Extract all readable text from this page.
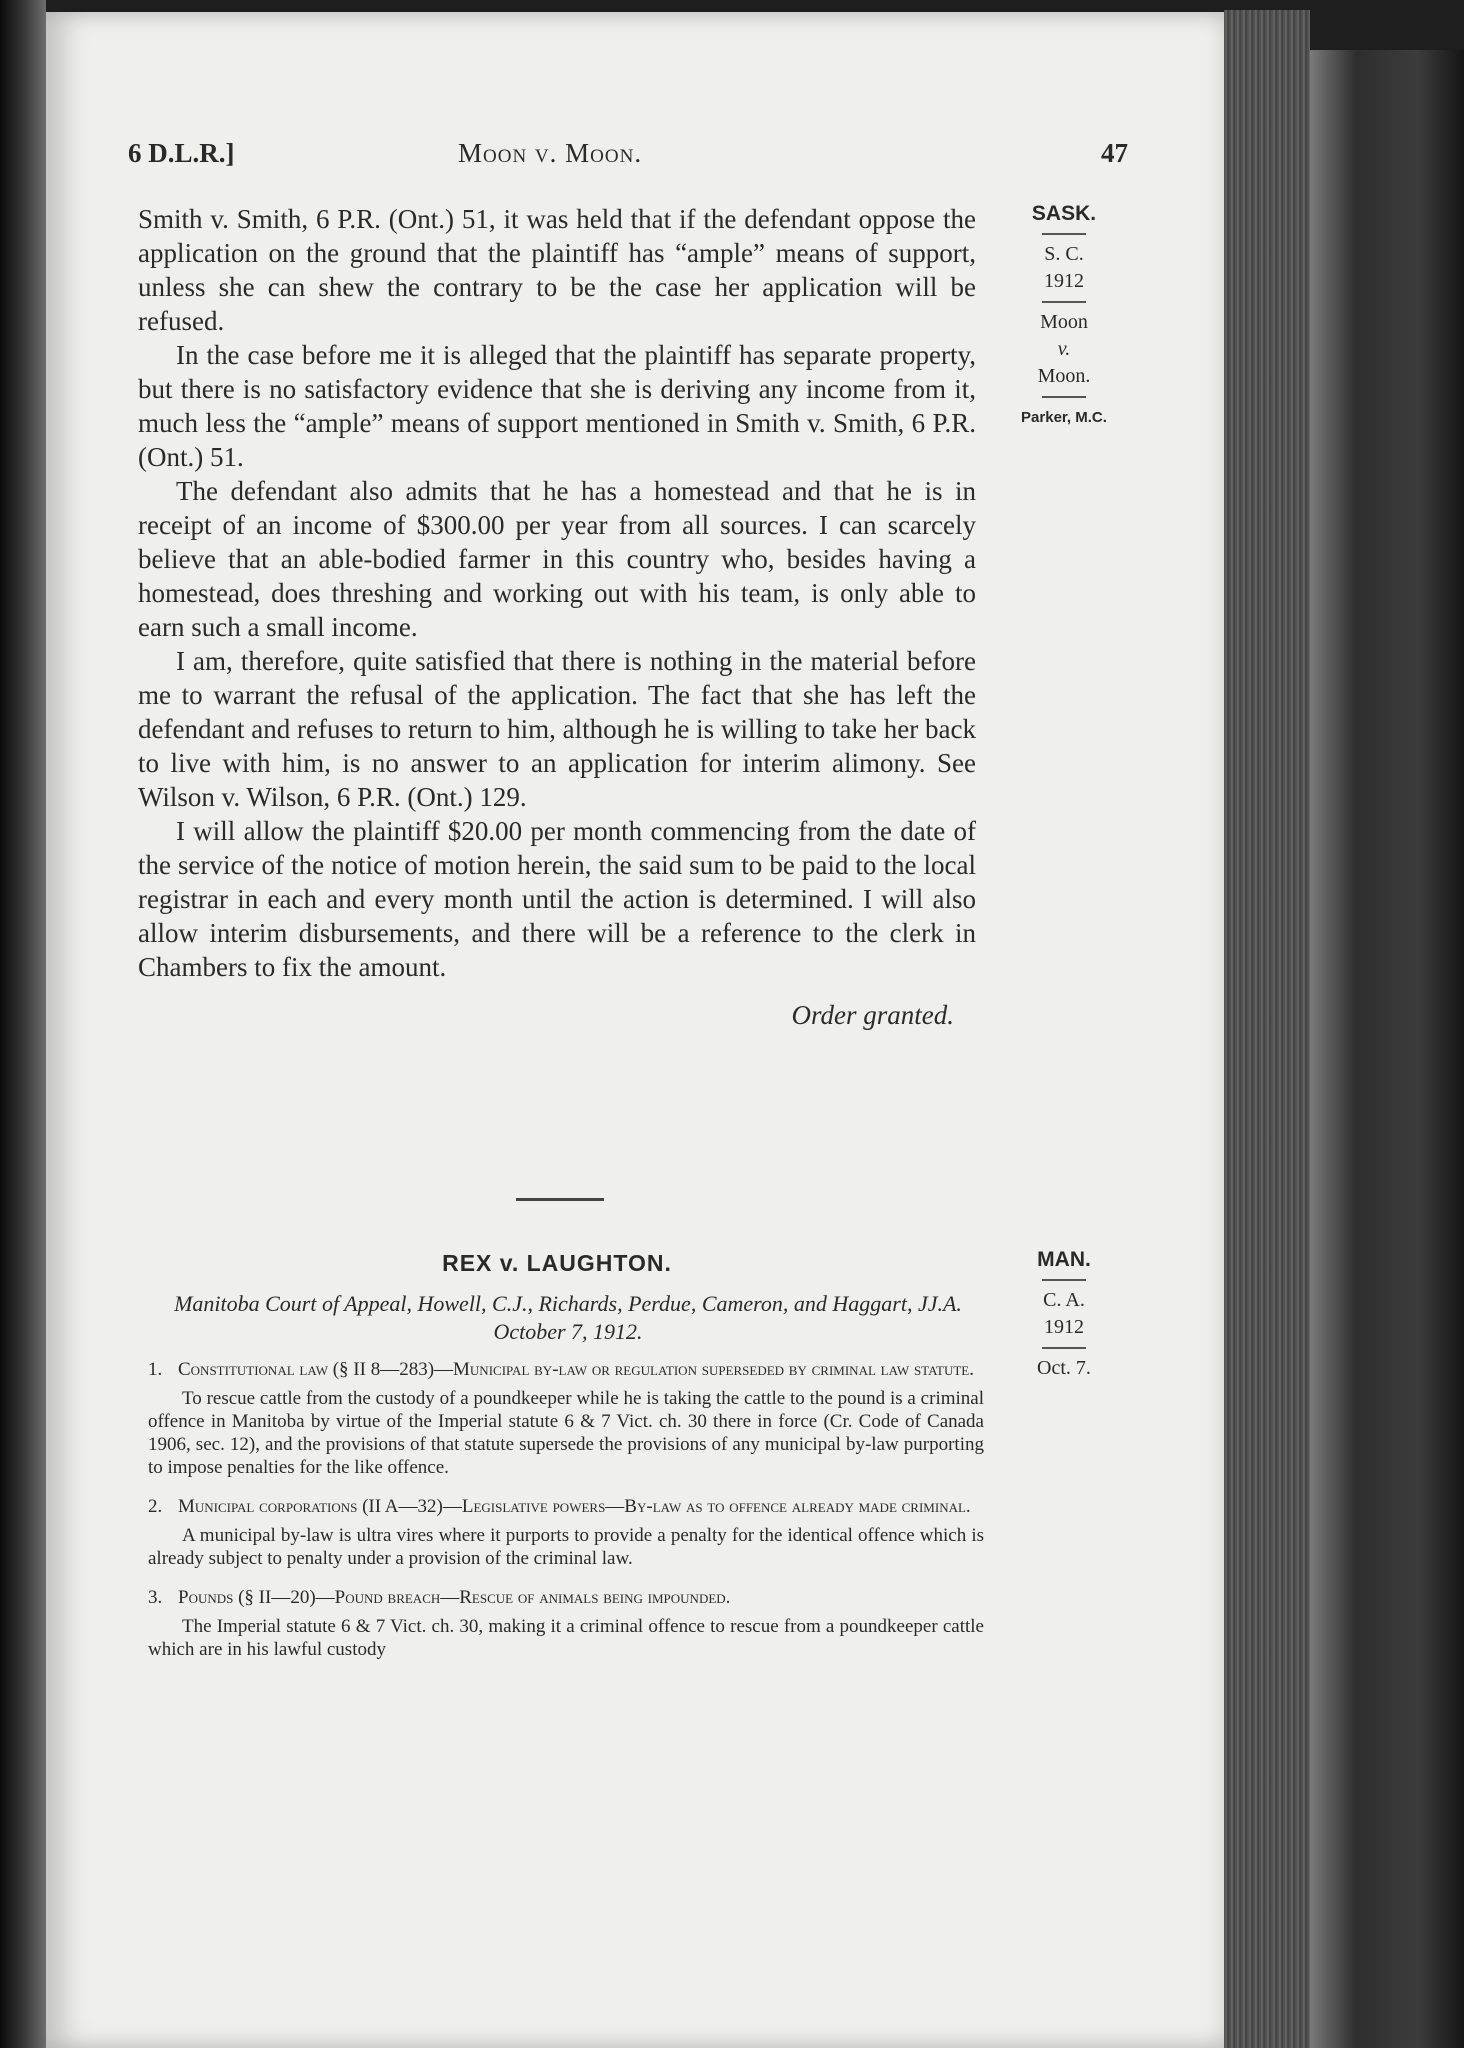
6 D.L.R.]	Moon v. Moon.	47

Smith v. Smith, 6 P.R. (Ont.) 51, it was held that if the defendant oppose the application on the ground that the plaintiff has “ample” means of support, unless she can shew the contrary to be the case her application will be refused.

In the case before me it is alleged that the plaintiff has separate property, but there is no satisfactory evidence that she is deriving any income from it, much less the “ample” means of support mentioned in Smith v. Smith, 6 P.R. (Ont.) 51.

The defendant also admits that he has a homestead and that he is in receipt of an income of $300.00 per year from all sources. I can scarcely believe that an able-bodied farmer in this country who, besides having a homestead, does threshing and working out with his team, is only able to earn such a small income.

I am, therefore, quite satisfied that there is nothing in the material before me to warrant the refusal of the application. The fact that she has left the defendant and refuses to return to him, although he is willing to take her back to live with him, is no answer to an application for interim alimony. See Wilson v. Wilson, 6 P.R. (Ont.) 129.

I will allow the plaintiff $20.00 per month commencing from the date of the service of the notice of motion herein, the said sum to be paid to the local registrar in each and every month until the action is determined. I will also allow interim disbursements, and there will be a reference to the clerk in Chambers to fix the amount.

Order granted.

SASK.
S. C.
1912
Moon
v.
Moon.
Parker, M.C.
REX v. LAUGHTON.
Manitoba Court of Appeal, Howell, C.J., Richards, Perdue, Cameron, and Haggart, JJ.A. October 7, 1912.
MAN.
C. A.
1912
Oct. 7.

1. Constitutional law (§ II 8—283)—Municipal by-law or regulation superseded by criminal law statute.

To rescue cattle from the custody of a poundkeeper while he is taking the cattle to the pound is a criminal offence in Manitoba by virtue of the Imperial statute 6 & 7 Vict. ch. 30 there in force (Cr. Code of Canada 1906, sec. 12), and the provisions of that statute supersede the provisions of any municipal by-law purporting to impose penalties for the like offence.

2. Municipal corporations (II A—32)—Legislative powers—By-law as to offence already made criminal.

A municipal by-law is ultra vires where it purports to provide a penalty for the identical offence which is already subject to penalty under a provision of the criminal law.

3. Pounds (§ II—20)—Pound breach—Rescue of animals being impounded.

The Imperial statute 6 & 7 Vict. ch. 30, making it a criminal offence to rescue from a poundkeeper cattle which are in his lawful custody
